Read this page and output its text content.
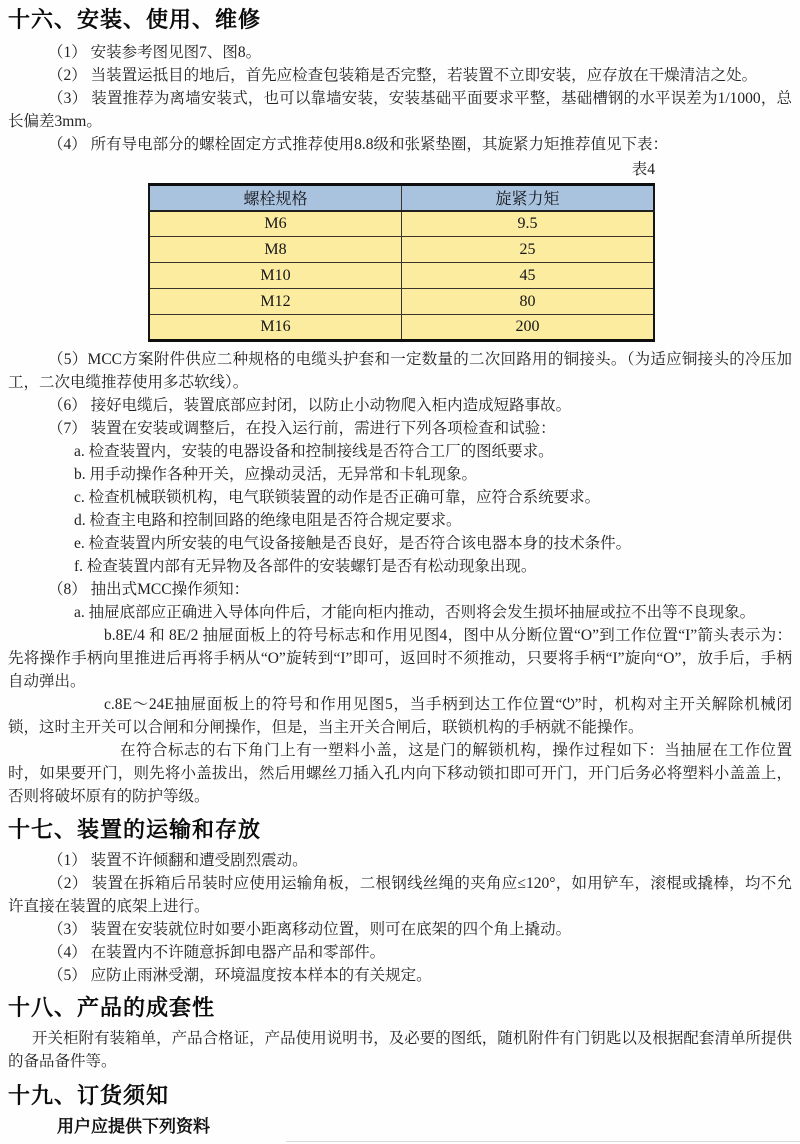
十六、安装、使用、维修

（1） 安装参考图见图7、图8。

（2） 当装置运抵目的地后，首先应检查包装箱是否完整，若装置不立即安装，应存放在干燥清洁之处。

（3） 装置推荐为离墙安装式，也可以靠墙安装，安装基础平面要求平整，基础槽钢的水平误差为1/1000，总长偏差3mm。

（4） 所有导电部分的螺栓固定方式推荐使用8.8级和张紧垫圈，其旋紧力矩推荐值见下表：

表4
螺栓规格	旋紧力矩
M6	9.5
M8	25
M10	45
M12	80
M16	200

（5）MCC方案附件供应二种规格的电缆头护套和一定数量的二次回路用的铜接头。（为适应铜接头的冷压加工，二次电缆推荐使用多芯软线）。

（6） 接好电缆后，装置底部应封闭，以防止小动物爬入柜内造成短路事故。

（7） 装置在安装或调整后，在投入运行前，需进行下列各项检查和试验：

a. 检查装置内，安装的电器设备和控制接线是否符合工厂的图纸要求。

b. 用手动操作各种开关，应操动灵活，无异常和卡轧现象。

c. 检查机械联锁机构，电气联锁装置的动作是否正确可靠，应符合系统要求。

d. 检查主电路和控制回路的绝缘电阻是否符合规定要求。

e. 检查装置内所安装的电气设备接触是否良好，是否符合该电器本身的技术条件。

f. 检查装置内部有无异物及各部件的安装螺钉是否有松动现象出现。

（8） 抽出式MCC操作须知：

a. 抽屉底部应正确进入导体向件后，才能向柜内推动，否则将会发生损坏抽屉或拉不出等不良现象。

b.8E/4 和 8E/2 抽屉面板上的符号标志和作用见图4，图中从分断位置“O”到工作位置“I”箭头表示为：先将操作手柄向里推进后再将手柄从“O”旋转到“I”即可，返回时不须推动，只要将手柄“I”旋向“O”，放手后，手柄自动弹出。

c.8E～24E抽屉面板上的符号和作用见图5，当手柄到达工作位置“⏻”时，机构对主开关解除机械闭锁，这时主开关可以合闸和分闸操作，但是，当主开关合闸后，联锁机构的手柄就不能操作。

在符合标志的右下角门上有一塑料小盖，这是门的解锁机构，操作过程如下：当抽屉在工作位置时，如果要开门，则先将小盖拔出，然后用螺丝刀插入孔内向下移动锁扣即可开门，开门后务必将塑料小盖盖上，否则将破坏原有的防护等级。

十七、装置的运输和存放

（1） 装置不许倾翻和遭受剧烈震动。

（2） 装置在拆箱后吊装时应使用运输角板，二根钢线丝绳的夹角应≤120°，如用铲车，滚棍或撬棒，均不允许直接在装置的底架上进行。

（3） 装置在安装就位时如要小距离移动位置，则可在底架的四个角上撬动。

（4） 在装置内不许随意拆卸电器产品和零部件。

（5） 应防止雨淋受潮，环境温度按本样本的有关规定。

十八、产品的成套性

开关柜附有装箱单，产品合格证，产品使用说明书，及必要的图纸，随机附件有门钥匙以及根据配套清单所提供的备品备件等。

十九、订货须知

用户应提供下列资料
